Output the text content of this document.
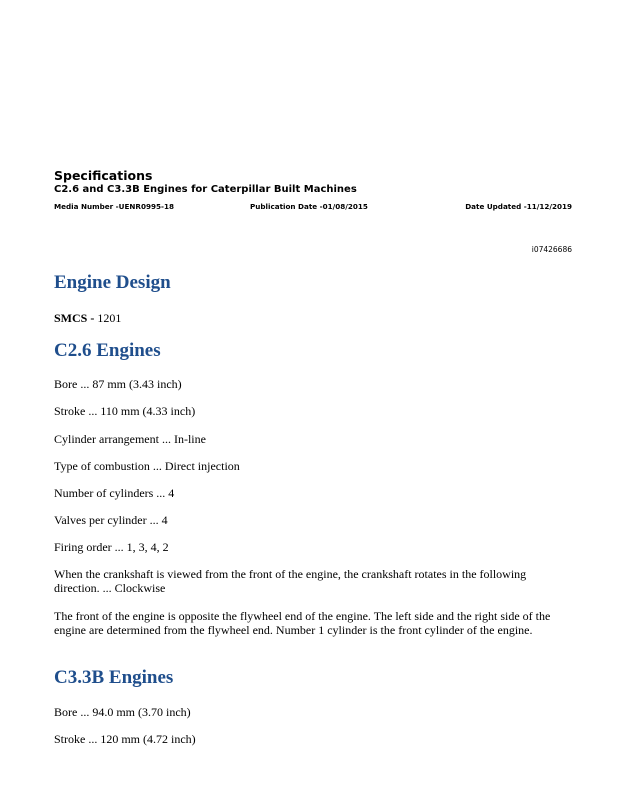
Specifications
C2.6 and C3.3B Engines for Caterpillar Built Machines
Media Number -UENR0995-18	Publication Date -01/08/2015	Date Updated -11/12/2019
i07426686
Engine Design
SMCS - 1201
C2.6 Engines
Bore ... 87 mm (3.43 inch)
Stroke ... 110 mm (4.33 inch)
Cylinder arrangement ... In-line
Type of combustion ... Direct injection
Number of cylinders ... 4
Valves per cylinder ... 4
Firing order ... 1, 3, 4, 2
When the crankshaft is viewed from the front of the engine, the crankshaft rotates in the following direction. ... Clockwise
The front of the engine is opposite the flywheel end of the engine. The left side and the right side of the engine are determined from the flywheel end. Number 1 cylinder is the front cylinder of the engine.
C3.3B Engines
Bore ... 94.0 mm (3.70 inch)
Stroke ... 120 mm (4.72 inch)
